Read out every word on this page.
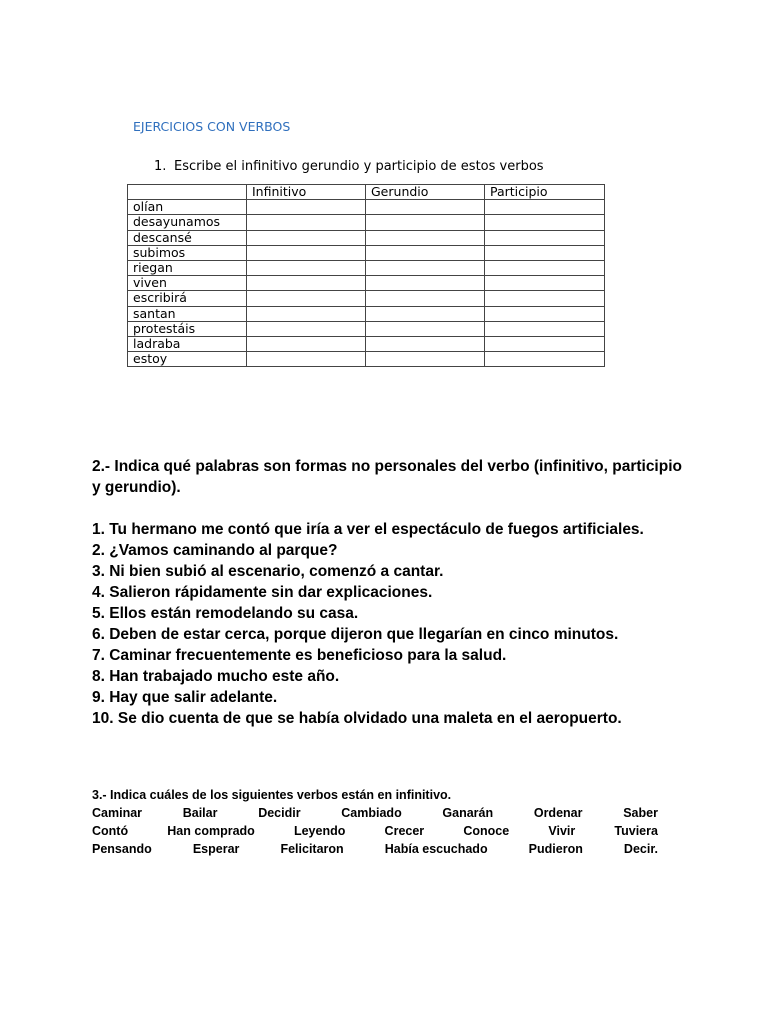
EJERCICIOS CON VERBOS
1. Escribe el infinitivo gerundio y participio de estos verbos
	Infinitivo	Gerundio	Participio
olían			
desayunamos			
descansé			
subimos			
riegan			
viven			
escribirá			
santan			
protestáis			
ladraba			
estoy			

2.- Indica qué palabras son formas no personales del verbo (infinitivo, participio y gerundio).

1. Tu hermano me contó que iría a ver el espectáculo de fuegos artificiales.
2. ¿Vamos caminando al parque?
3. Ni bien subió al escenario, comenzó a cantar.
4. Salieron rápidamente sin dar explicaciones.
5. Ellos están remodelando su casa.
6. Deben de estar cerca, porque dijeron que llegarían en cinco minutos.
7. Caminar frecuentemente es beneficioso para la salud.
8. Han trabajado mucho este año.
9. Hay que salir adelante.
10. Se dio cuenta de que se había olvidado una maleta en el aeropuerto.
3.- Indica cuáles de los siguientes verbos están en infinitivo.
Caminar	Bailar	Decidir	Cambiado	Ganarán	Ordenar	Saber
Contó	Han comprado	Leyendo	Crecer	Conoce	Vivir	Tuviera
Pensando	Esperar	Felicitaron	Había escuchado	Pudieron	Decir.
